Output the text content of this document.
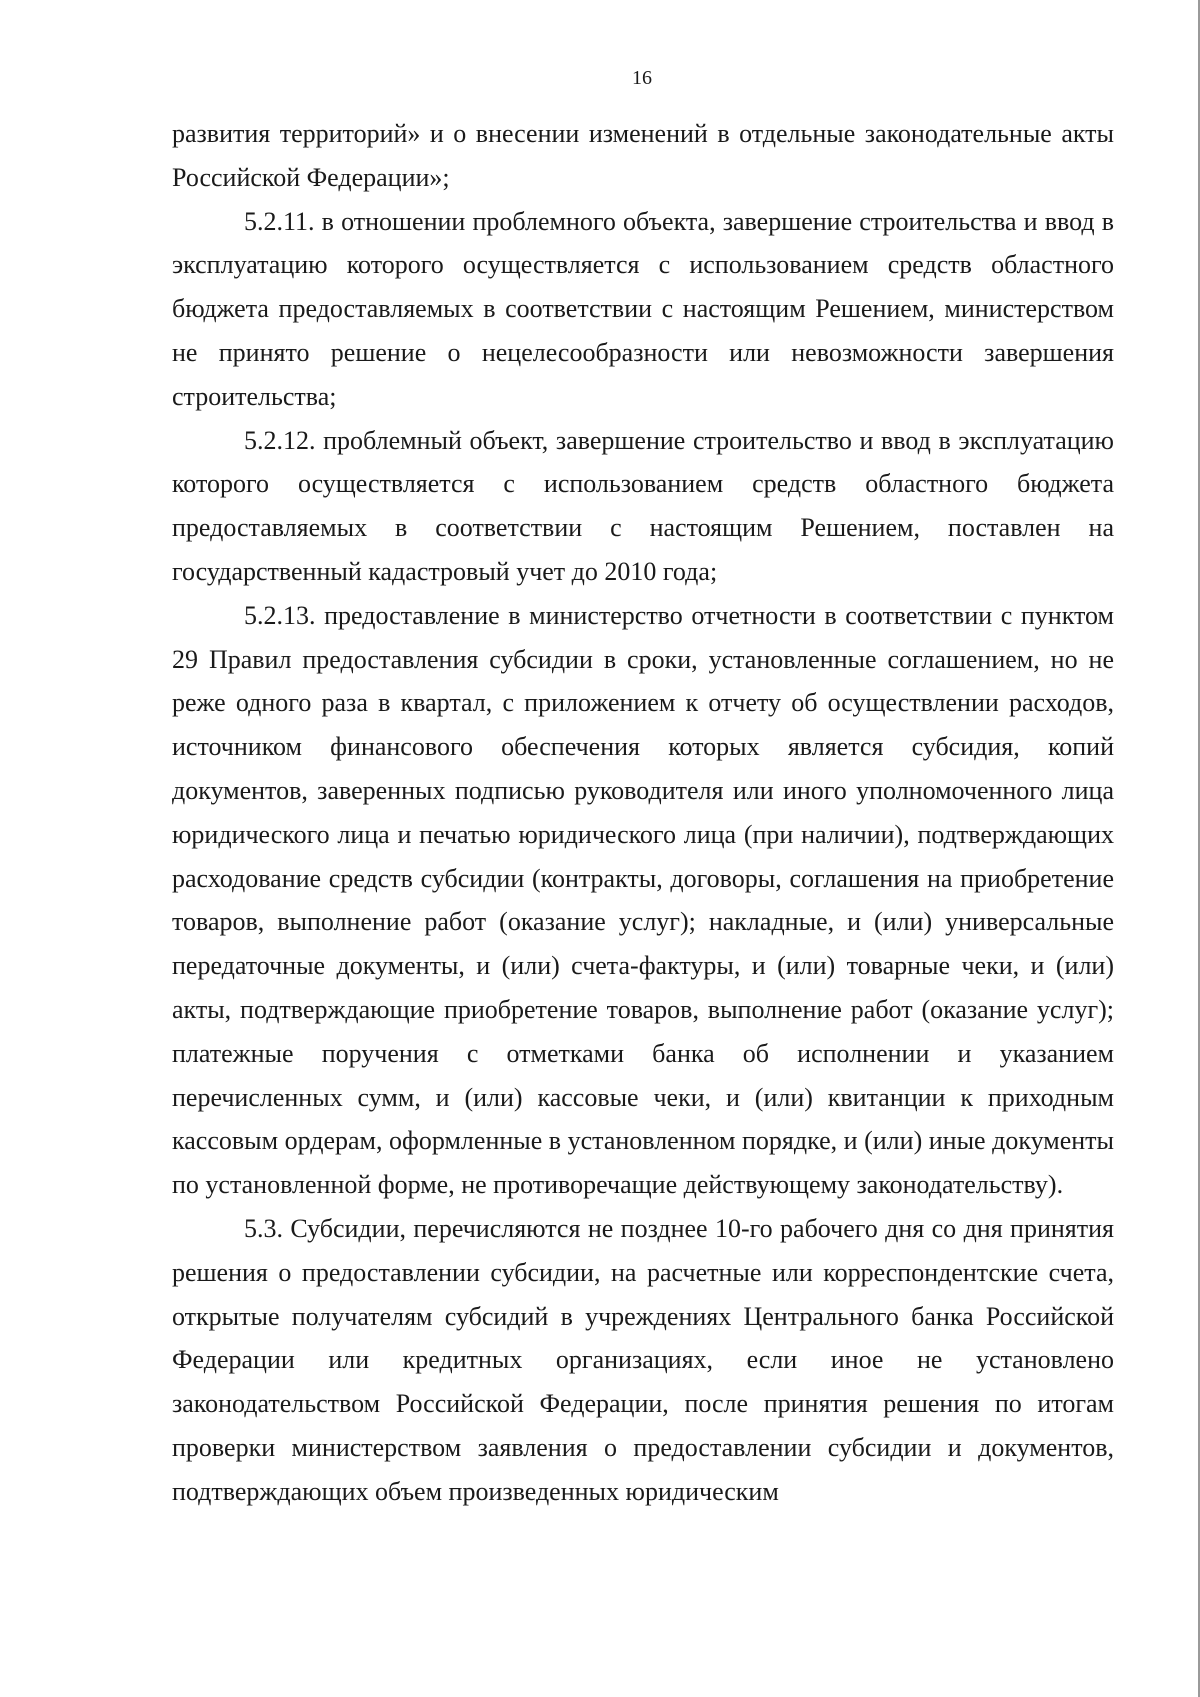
16

развития территорий» и о внесении изменений в отдельные законодательные акты Российской Федерации»;

5.2.11. в отношении проблемного объекта, завершение строительства и ввод в эксплуатацию которого осуществляется с использованием средств областного бюджета предоставляемых в соответствии с настоящим Решением, министерством не принято решение о нецелесообразности или невозможности завершения строительства;

5.2.12. проблемный объект, завершение строительство и ввод в эксплуатацию которого осуществляется с использованием средств областного бюджета предоставляемых в соответствии с настоящим Решением, поставлен на государственный кадастровый учет до 2010 года;

5.2.13. предоставление в министерство отчетности в соответствии с пунктом 29 Правил предоставления субсидии в сроки, установленные соглашением, но не реже одного раза в квартал, с приложением к отчету об осуществлении расходов, источником финансового обеспечения которых является субсидия, копий документов, заверенных подписью руководителя или иного уполномоченного лица юридического лица и печатью юридического лица (при наличии), подтверждающих расходование средств субсидии (контракты, договоры, соглашения на приобретение товаров, выполнение работ (оказание услуг); накладные, и (или) универсальные передаточные документы, и (или) счета-фактуры, и (или) товарные чеки, и (или) акты, подтверждающие приобретение товаров, выполнение работ (оказание услуг); платежные поручения с отметками банка об исполнении и указанием перечисленных сумм, и (или) кассовые чеки, и (или) квитанции к приходным кассовым ордерам, оформленные в установленном порядке, и (или) иные документы по установленной форме, не противоречащие действующему законодательству).

5.3. Субсидии, перечисляются не позднее 10-го рабочего дня со дня принятия решения о предоставлении субсидии, на расчетные или корреспондентские счета, открытые получателям субсидий в учреждениях Центрального банка Российской Федерации или кредитных организациях, если иное не установлено законодательством Российской Федерации, после принятия решения по итогам проверки министерством заявления о предоставлении субсидии и документов, подтверждающих объем произведенных юридическим
